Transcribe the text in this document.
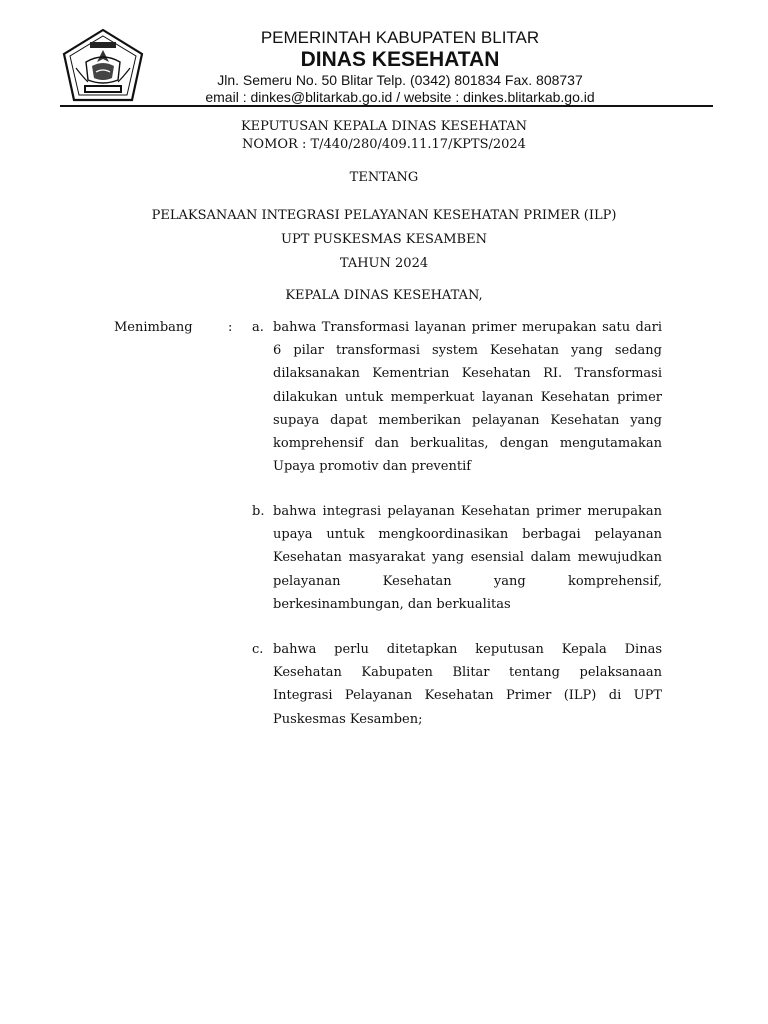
PEMERINTAH KABUPATEN BLITAR
DINAS KESEHATAN
Jln. Semeru No. 50 Blitar Telp. (0342) 801834 Fax. 808737
email : dinkes@blitarkab.go.id / website : dinkes.blitarkab.go.id
KEPUTUSAN KEPALA DINAS KESEHATAN
NOMOR : T/440/280/409.11.17/KPTS/2024
TENTANG
PELAKSANAAN INTEGRASI PELAYANAN KESEHATAN PRIMER (ILP)
UPT PUSKESMAS KESAMBEN
TAHUN 2024
KEPALA DINAS KESEHATAN,
Menimbang	: a. bahwa Transformasi layanan primer merupakan satu dari 6 pilar transformasi system Kesehatan yang sedang dilaksanakan Kementrian Kesehatan RI. Transformasi dilakukan untuk memperkuat layanan Kesehatan primer supaya dapat memberikan pelayanan Kesehatan yang komprehensif dan berkualitas, dengan mengutamakan Upaya promotiv dan preventif
b. bahwa integrasi pelayanan Kesehatan primer merupakan upaya untuk mengkoordinasikan berbagai pelayanan Kesehatan masyarakat yang esensial dalam mewujudkan pelayanan Kesehatan yang komprehensif, berkesinambungan, dan berkualitas
c. bahwa perlu ditetapkan keputusan Kepala Dinas Kesehatan Kabupaten Blitar tentang pelaksanaan Integrasi Pelayanan Kesehatan Primer (ILP) di UPT Puskesmas Kesamben;
